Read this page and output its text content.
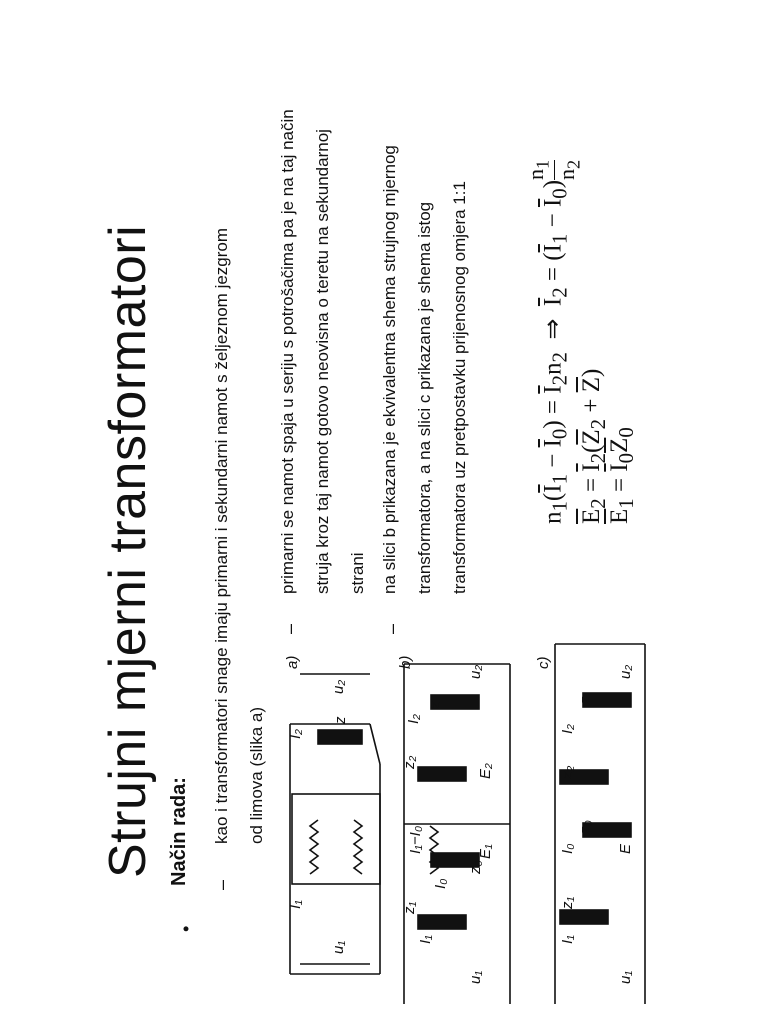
Strujni mjerni transformatori
•
Način rada: –
kao i transformatori snage imaju primarni i sekundarni namot s željeznom jezgrom od limova (slika a)
–
primarni se namot spaja u seriju s potrošačima pa je na taj način struja kroz taj namot gotovo neovisna o teretu na sekundarnoj strani
–
na slici b prikazana je ekvivalentna shema strujnog mjernog transformatora, a na slici c prikazana je shema istog transformatora uz pretpostavku prijenosnog omjera 1:1	$n_1(\overline{I}_1 - \overline{I}_0) = \overline{I}_2n_2$  ⇒  $\overline{I}_2 = (\overline{I}_1 - \overline{I}_0)$
$n_1$
$n_2$
$\overline{E}_2 = \overline{I}_2(\overline{Z}_2 + \overline{Z})$
$\overline{E}_1 = \overline{I}_0\overline{Z}_0$
a)	b)	c)
u₁
u₂
I₁
I₂
z
I₁
z₁
I₀
z₀
I₁−I₀	E₁
E₂
z₂
I₂
z
u₂
u₁
I₁
z₁
I₀
z₀
E
z₂
I₂
z
u₂
u₁
